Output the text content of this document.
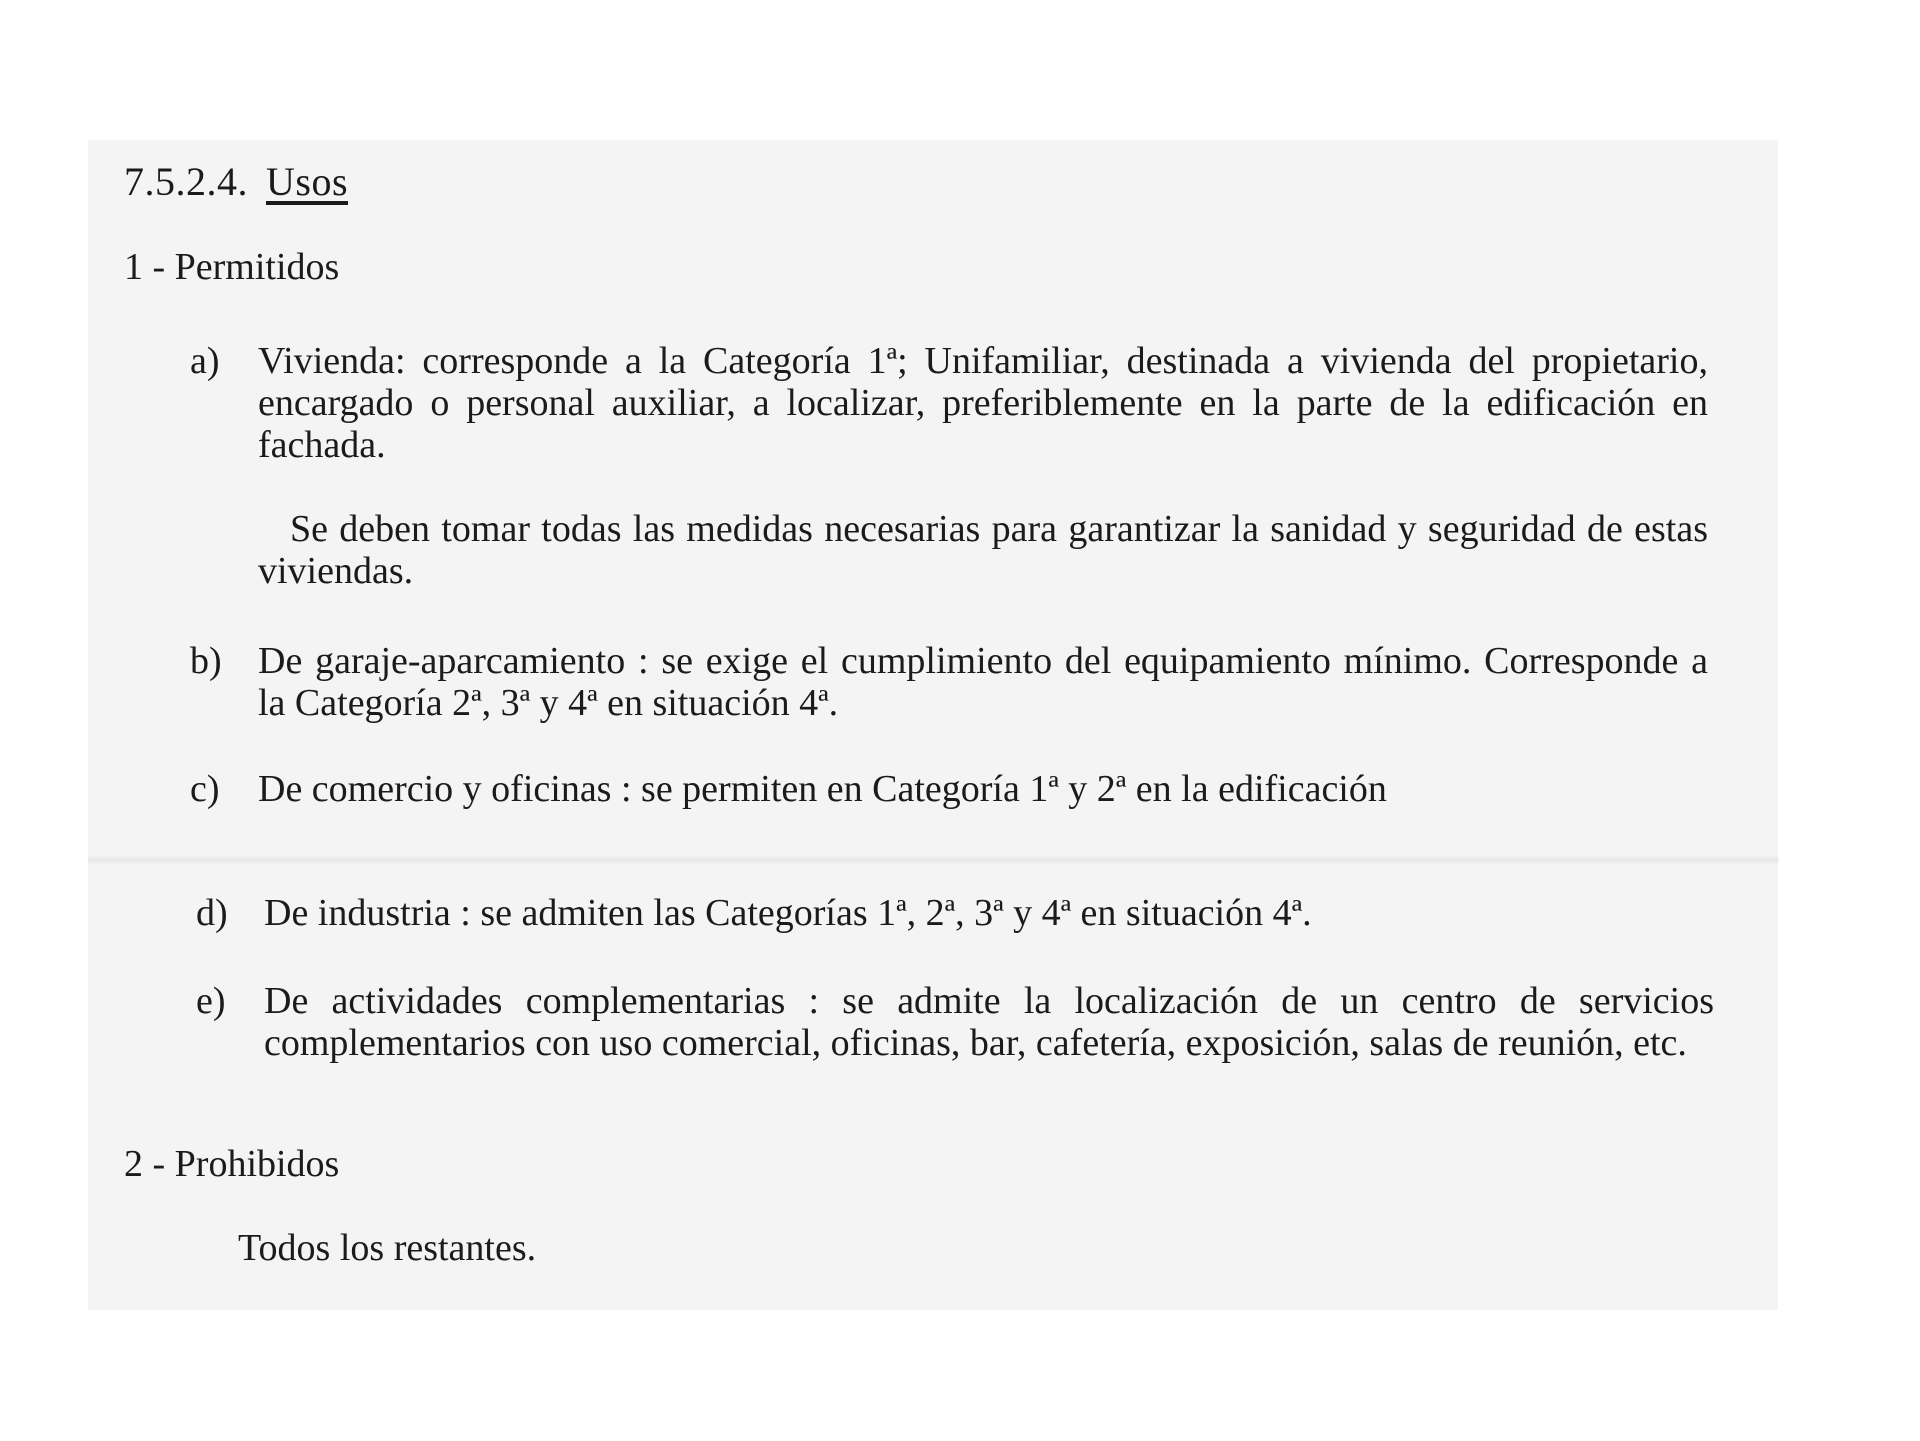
7.5.2.4. Usos
1 - Permitidos
a) Vivienda: corresponde a la Categoría 1ª; Unifamiliar, destinada a vivienda del propietario, encargado o personal auxiliar, a localizar, preferiblemente en la parte de la edificación en fachada.
Se deben tomar todas las medidas necesarias para garantizar la sanidad y seguridad de estas viviendas.
b) De garaje-aparcamiento : se exige el cumplimiento del equipamiento mínimo. Corresponde a la Categoría 2ª, 3ª y 4ª en situación 4ª.
c) De comercio y oficinas : se permiten en Categoría 1ª y 2ª en la edificación
d) De industria : se admiten las Categorías 1ª, 2ª, 3ª y 4ª en situación 4ª.
e) De actividades complementarias : se admite la localización de un centro de servicios complementarios con uso comercial, oficinas, bar, cafetería, exposición, salas de reunión, etc.
2 - Prohibidos
Todos los restantes.
